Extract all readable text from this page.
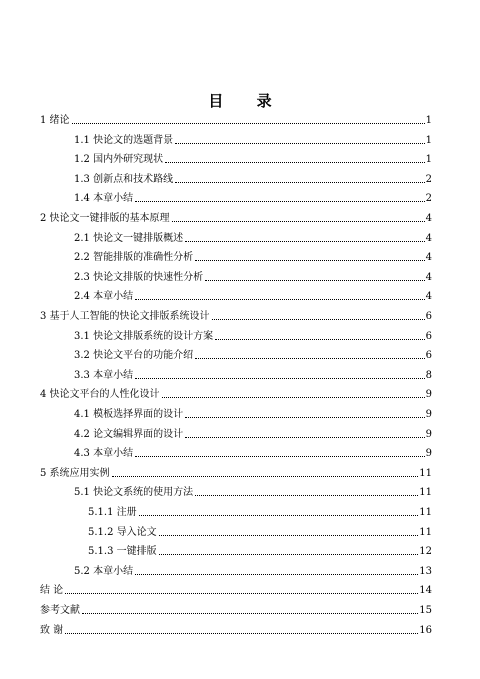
目 录
1 绪论	1
1.1 快论文的选题背景	1
1.2 国内外研究现状	1
1.3 创新点和技术路线	2
1.4 本章小结	2
2 快论文一键排版的基本原理	4
2.1 快论文一键排版概述	4
2.2 智能排版的准确性分析	4
2.3 快论文排版的快速性分析	4
2.4 本章小结	4
3 基于人工智能的快论文排版系统设计	6
3.1 快论文排版系统的设计方案	6
3.2 快论文平台的功能介绍	6
3.3 本章小结	8
4 快论文平台的人性化设计	9
4.1 模板选择界面的设计	9
4.2 论文编辑界面的设计	9
4.3 本章小结	9
5 系统应用实例	11
5.1 快论文系统的使用方法	11
5.1.1 注册	11
5.1.2 导入论文	11
5.1.3 一键排版	12
5.2 本章小结	13
结 论	14
参考文献	15
致 谢	16
